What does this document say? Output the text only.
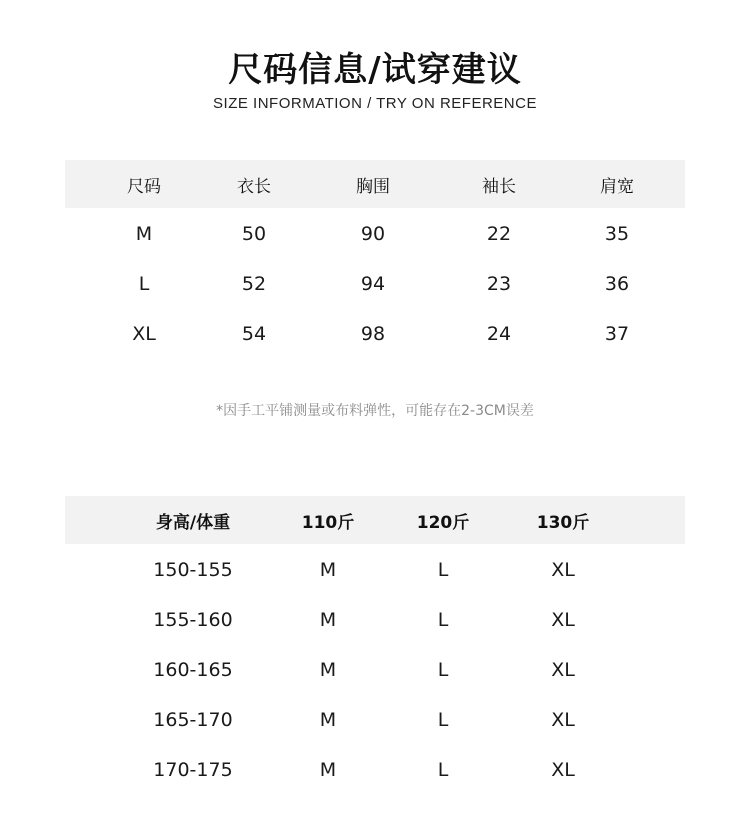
尺码信息/试穿建议
SIZE INFORMATION / TRY ON REFERENCE
尺码	衣长	胸围	袖长	肩宽
M	50	90	22	35
L	52	94	23	36
XL	54	98	24	37
*因手工平铺测量或布料弹性，可能存在2-3CM误差
身高/体重	110斤	120斤	130斤
150-155	M	L	XL
155-160	M	L	XL
160-165	M	L	XL
165-170	M	L	XL
170-175	M	L	XL
